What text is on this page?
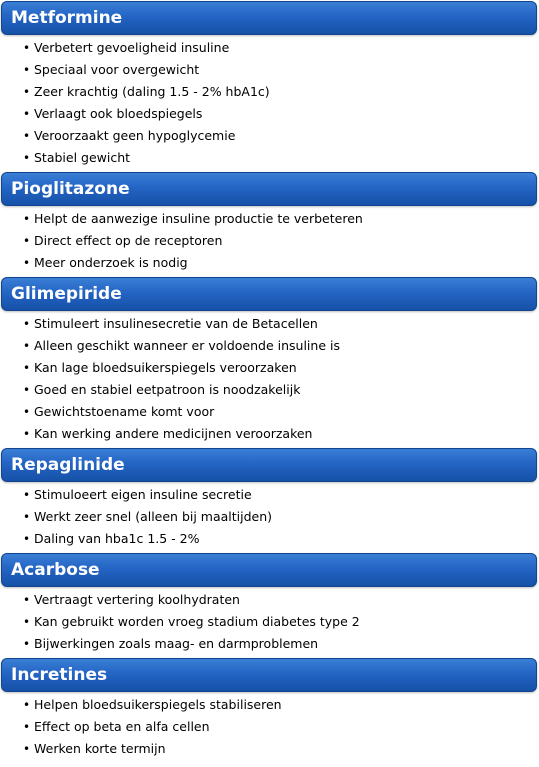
Metformine
• Verbetert gevoeligheid insuline
• Speciaal voor overgewicht
• Zeer krachtig (daling 1.5 - 2% hbA1c)
• Verlaagt ook bloedspiegels
• Veroorzaakt geen hypoglycemie
• Stabiel gewicht
Pioglitazone
• Helpt de aanwezige insuline productie te verbeteren
• Direct effect op de receptoren
• Meer onderzoek is nodig
Glimepiride
• Stimuleert insulinesecretie van de Betacellen
• Alleen geschikt wanneer er voldoende insuline is
• Kan lage bloedsuikerspiegels veroorzaken
• Goed en stabiel eetpatroon is noodzakelijk
• Gewichtstoename komt voor
• Kan werking andere medicijnen veroorzaken
Repaglinide
• Stimuloeert eigen insuline secretie
• Werkt zeer snel (alleen bij maaltijden)
• Daling van hba1c 1.5 - 2%
Acarbose
• Vertraagt vertering koolhydraten
• Kan gebruikt worden vroeg stadium diabetes type 2
• Bijwerkingen zoals maag- en darmproblemen
Incretines
• Helpen bloedsuikerspiegels stabiliseren
• Effect op beta en alfa cellen
• Werken korte termijn
